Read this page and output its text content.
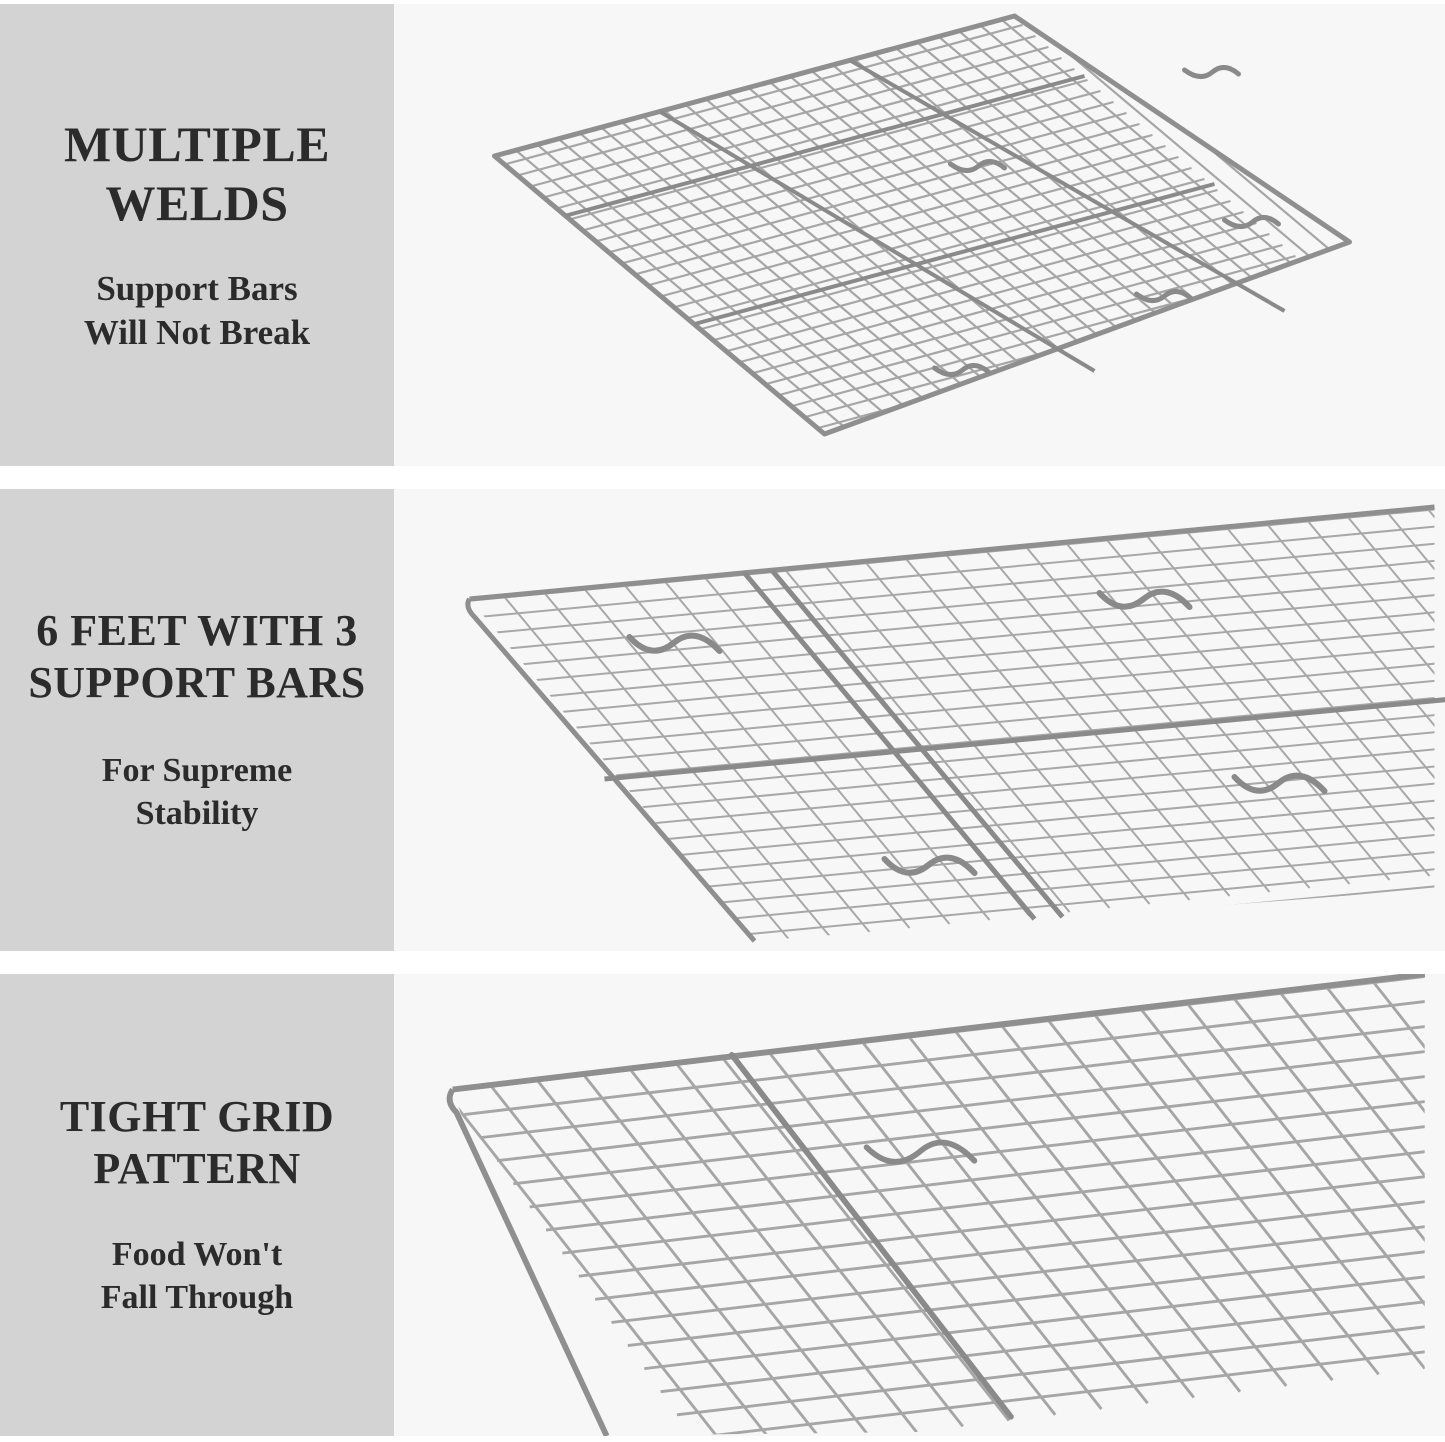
MULTIPLE WELDS
Support Bars
Will Not Break
6 FEET WITH 3 SUPPORT BARS
For Supreme
Stability
TIGHT GRID PATTERN
Food Won't
Fall Through
